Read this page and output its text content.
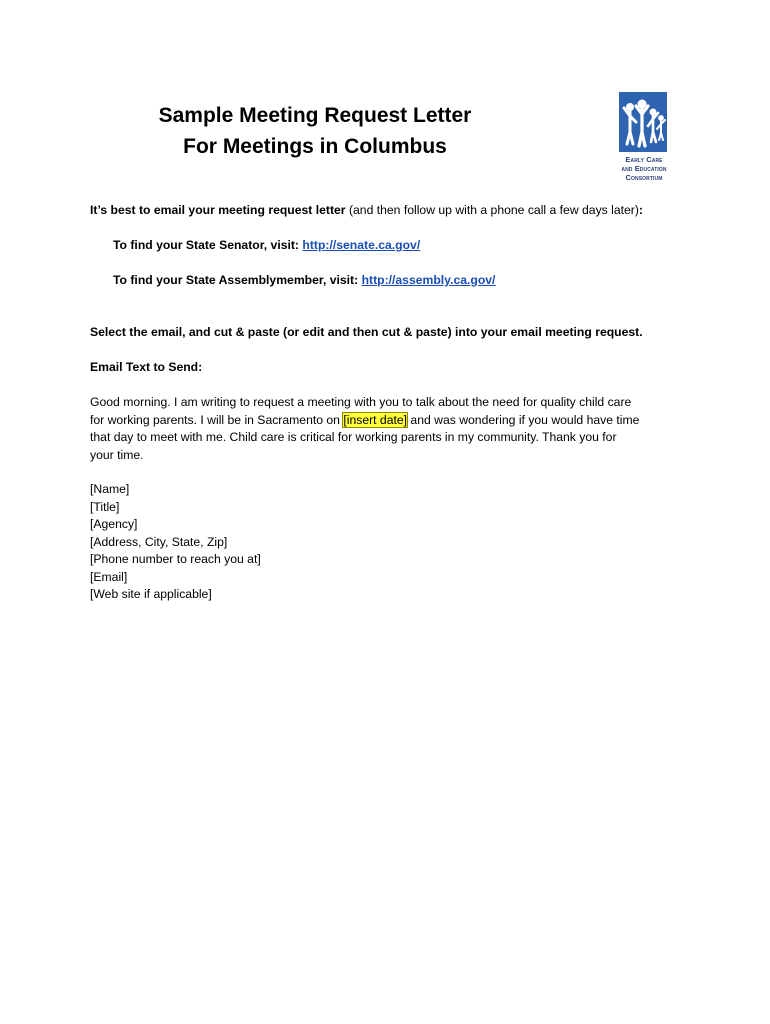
Sample Meeting Request Letter
For Meetings in Columbus
Early Care
and Education
Consortium
It’s best to email your meeting request letter (and then follow up with a phone call a few days later):
To find your State Senator, visit: http://senate.ca.gov/
To find your State Assemblymember, visit: http://assembly.ca.gov/
Select the email, and cut & paste (or edit and then cut & paste) into your email meeting request.
Email Text to Send:
Good morning. I am writing to request a meeting with you to talk about the need for quality child care
for working parents. I will be in Sacramento on [insert date] and was wondering if you would have time
that day to meet with me. Child care is critical for working parents in my community. Thank you for
your time.
[Name]
[Title]
[Agency]
[Address, City, State, Zip]
[Phone number to reach you at]
[Email]
[Web site if applicable]
